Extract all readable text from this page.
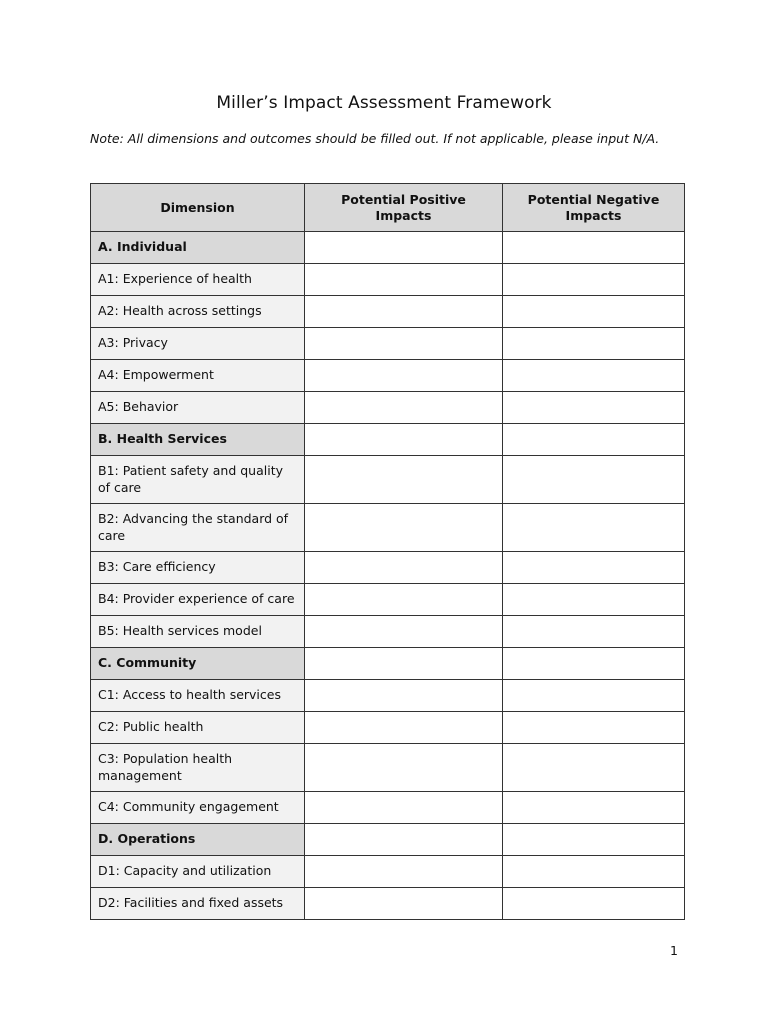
Miller’s Impact Assessment Framework

Note: All dimensions and outcomes should be filled out. If not applicable, please input N/A.

Dimension	Potential Positive Impacts	Potential Negative Impacts
A. Individual		
A1: Experience of health		
A2: Health across settings		
A3: Privacy		
A4: Empowerment		
A5: Behavior		
B. Health Services		
B1: Patient safety and quality of care		
B2: Advancing the standard of care		
B3: Care efficiency		
B4: Provider experience of care		
B5: Health services model		
C. Community		
C1: Access to health services		
C2: Public health		
C3: Population health management		
C4: Community engagement		
D. Operations		
D1: Capacity and utilization		
D2: Facilities and fixed assets		

1
